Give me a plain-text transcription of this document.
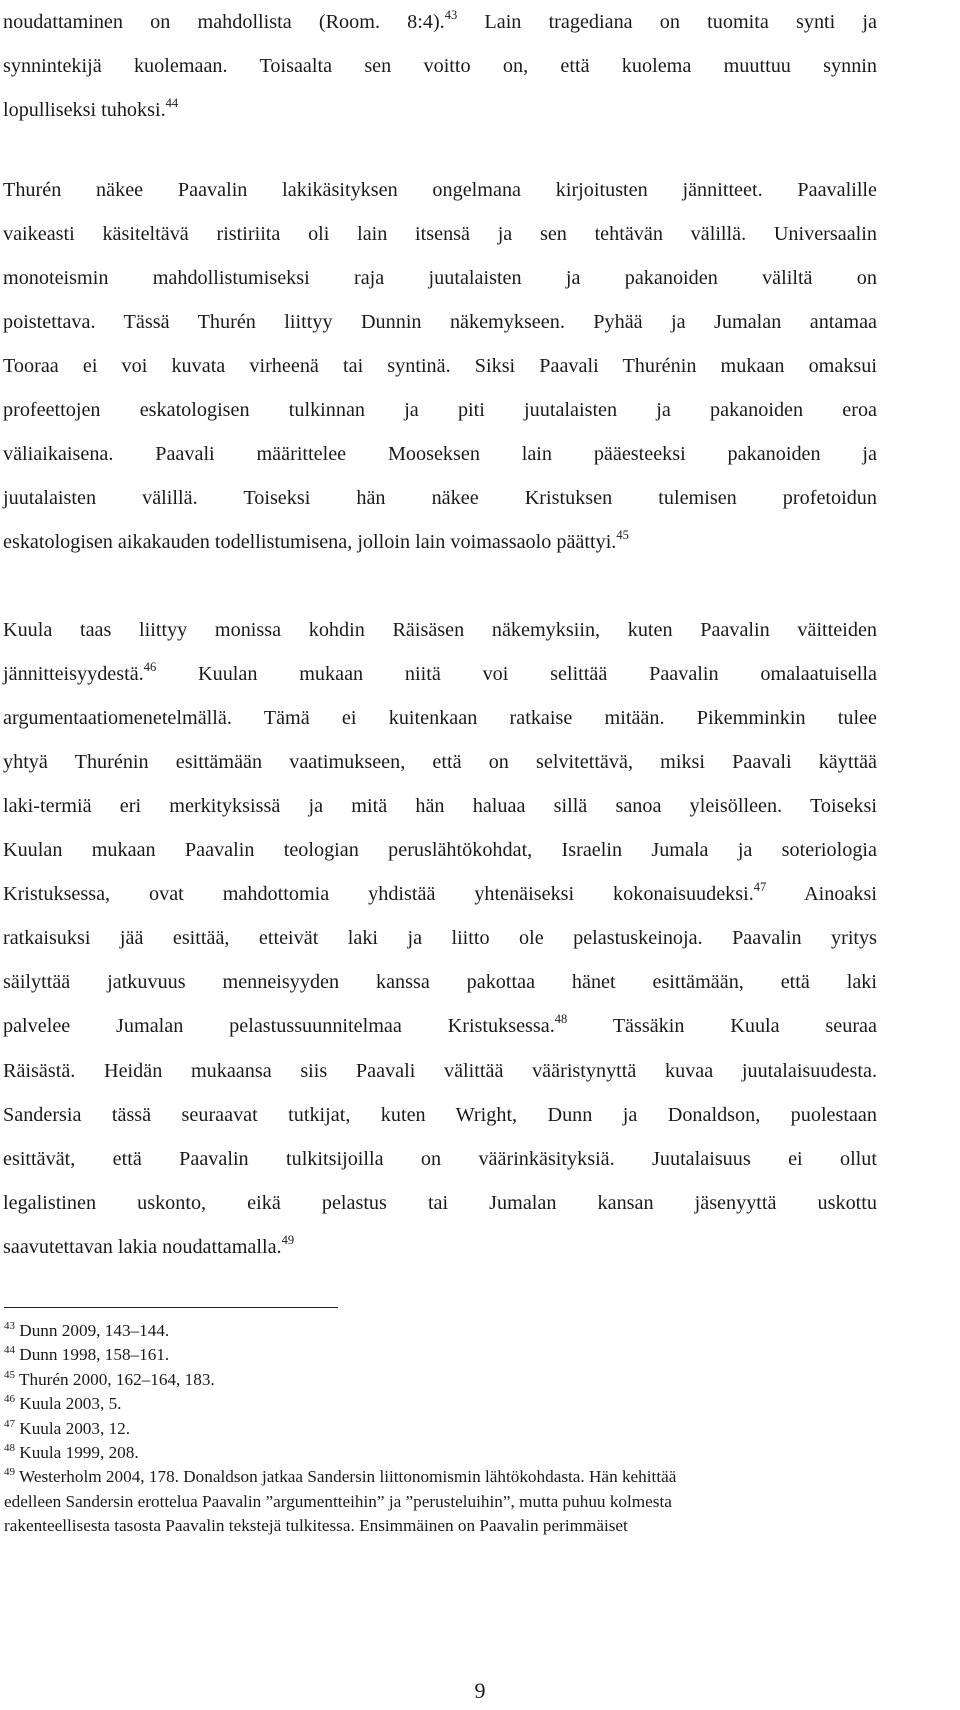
noudattaminen on mahdollista (Room. 8:4).$^{43}$ Lain tragediana on tuomita synti ja
synnintekijä kuolemaan. Toisaalta sen voitto on, että kuolema muuttuu synnin
lopulliseksi tuhoksi.$^{44}$
Thurén näkee Paavalin lakikäsityksen ongelmana kirjoitusten jännitteet. Paavalille
vaikeasti käsiteltävä ristiriita oli lain itsensä ja sen tehtävän välillä. Universaalin
monoteismin mahdollistumiseksi raja juutalaisten ja pakanoiden väliltä on
poistettava. Tässä Thurén liittyy Dunnin näkemykseen. Pyhää ja Jumalan antamaa
Tooraa ei voi kuvata virheenä tai syntinä. Siksi Paavali Thurénin mukaan omaksui
profeettojen eskatologisen tulkinnan ja piti juutalaisten ja pakanoiden eroa
väliaikaisena. Paavali määrittelee Mooseksen lain pääesteeksi pakanoiden ja
juutalaisten välillä. Toiseksi hän näkee Kristuksen tulemisen profetoidun
eskatologisen aikakauden todellistumisena, jolloin lain voimassaolo päättyi.$^{45}$
Kuula taas liittyy monissa kohdin Räisäsen näkemyksiin, kuten Paavalin väitteiden
jännitteisyydestä.$^{46}$ Kuulan mukaan niitä voi selittää Paavalin omalaatuisella
argumentaatiomenetelmällä. Tämä ei kuitenkaan ratkaise mitään. Pikemminkin tulee
yhtyä Thurénin esittämään vaatimukseen, että on selvitettävä, miksi Paavali käyttää
laki-termiä eri merkityksissä ja mitä hän haluaa sillä sanoa yleisölleen. Toiseksi
Kuulan mukaan Paavalin teologian peruslähtökohdat, Israelin Jumala ja soteriologia
Kristuksessa, ovat mahdottomia yhdistää yhtenäiseksi kokonaisuudeksi.$^{47}$ Ainoaksi
ratkaisuksi jää esittää, etteivät laki ja liitto ole pelastuskeinoja. Paavalin yritys
säilyttää jatkuvuus menneisyyden kanssa pakottaa hänet esittämään, että laki
palvelee Jumalan pelastussuunnitelmaa Kristuksessa.$^{48}$ Tässäkin Kuula seuraa
Räisästä. Heidän mukaansa siis Paavali välittää vääristynyttä kuvaa juutalaisuudesta.
Sandersia tässä seuraavat tutkijat, kuten Wright, Dunn ja Donaldson, puolestaan
esittävät, että Paavalin tulkitsijoilla on väärinkäsityksiä. Juutalaisuus ei ollut
legalistinen uskonto, eikä pelastus tai Jumalan kansan jäsenyyttä uskottu
saavutettavan lakia noudattamalla.$^{49}$
$^{43}$ Dunn 2009, 143–144.
$^{44}$ Dunn 1998, 158–161.
$^{45}$ Thurén 2000, 162–164, 183.
$^{46}$ Kuula 2003, 5.
$^{47}$ Kuula 2003, 12.
$^{48}$ Kuula 1999, 208.
$^{49}$ Westerholm 2004, 178. Donaldson jatkaa Sandersin liittonomismin lähtökohdasta. Hän kehittää
edelleen Sandersin erottelua Paavalin ”argumentteihin” ja ”perusteluihin”, mutta puhuu kolmesta
rakenteellisesta tasosta Paavalin tekstejä tulkitessa. Ensimmäinen on Paavalin perimmäiset
9
